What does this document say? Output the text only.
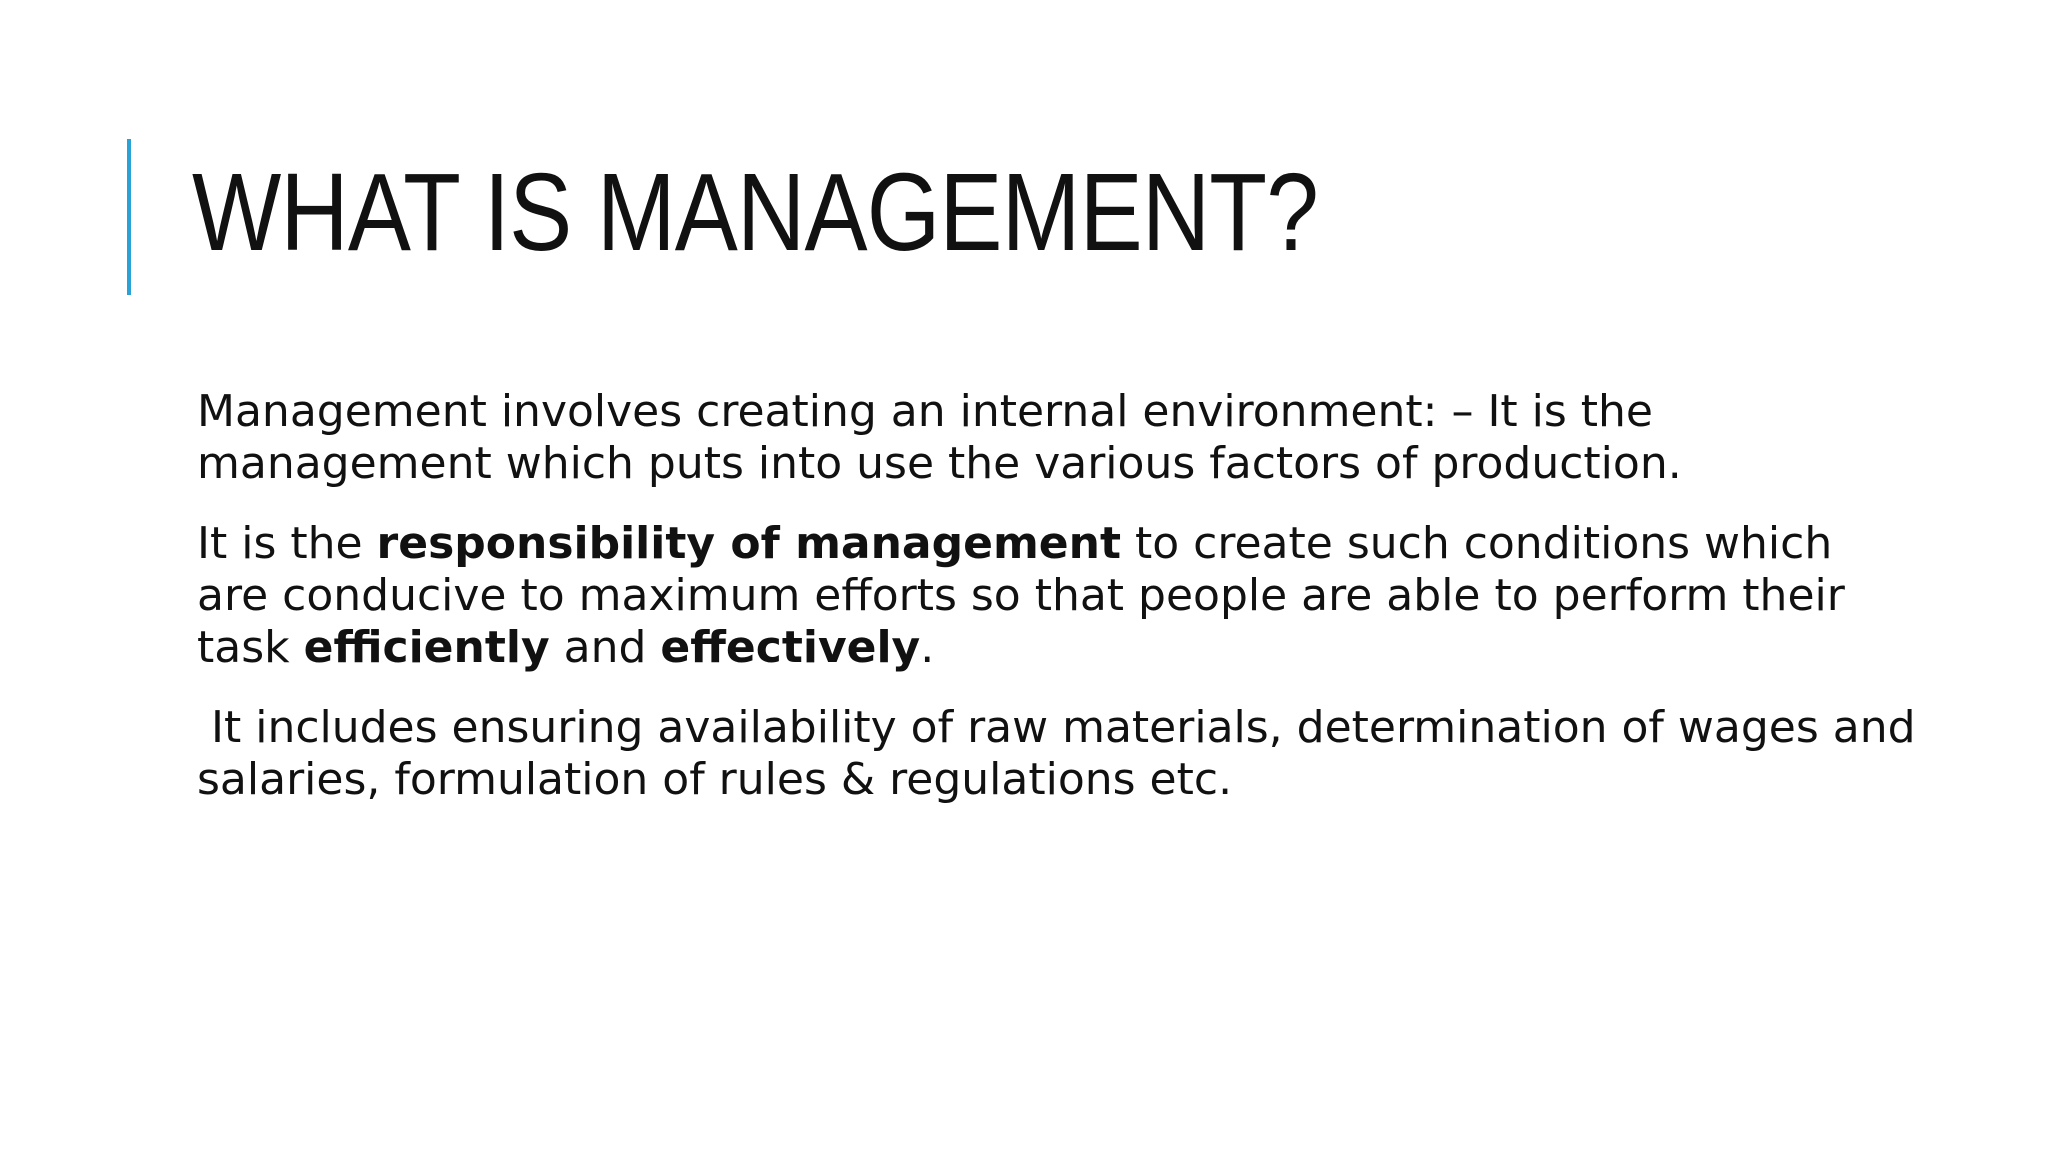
WHAT IS MANAGEMENT?

Management involves creating an internal environment: – It is the management which puts into use the various factors of production.

It is the responsibility of management to create such conditions which are conducive to maximum efforts so that people are able to perform their task efficiently and effectively.

It includes ensuring availability of raw materials, determination of wages and salaries, formulation of rules & regulations etc.
